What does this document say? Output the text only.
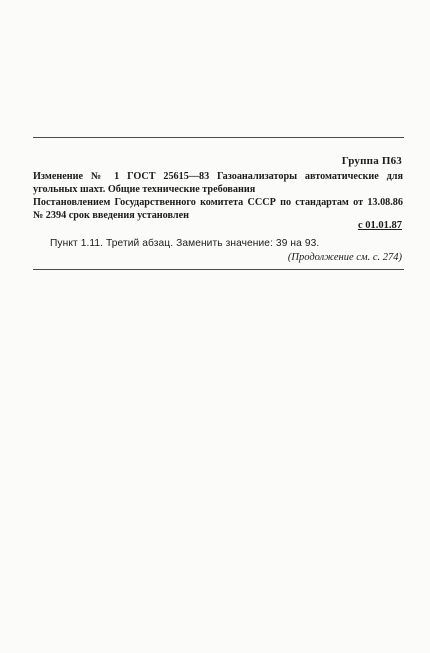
Группа П63
Изменение № 1 ГОСТ 25615—83 Газоанализаторы автоматические для угольных шахт. Общие технические требования
Постановлением Государственного комитета СССР по стандартам от 13.08.86 № 2394 срок введения установлен
с 01.01.87
Пункт 1.11. Третий абзац. Заменить значение: 39 на 93.
(Продолжение см. с. 274)
